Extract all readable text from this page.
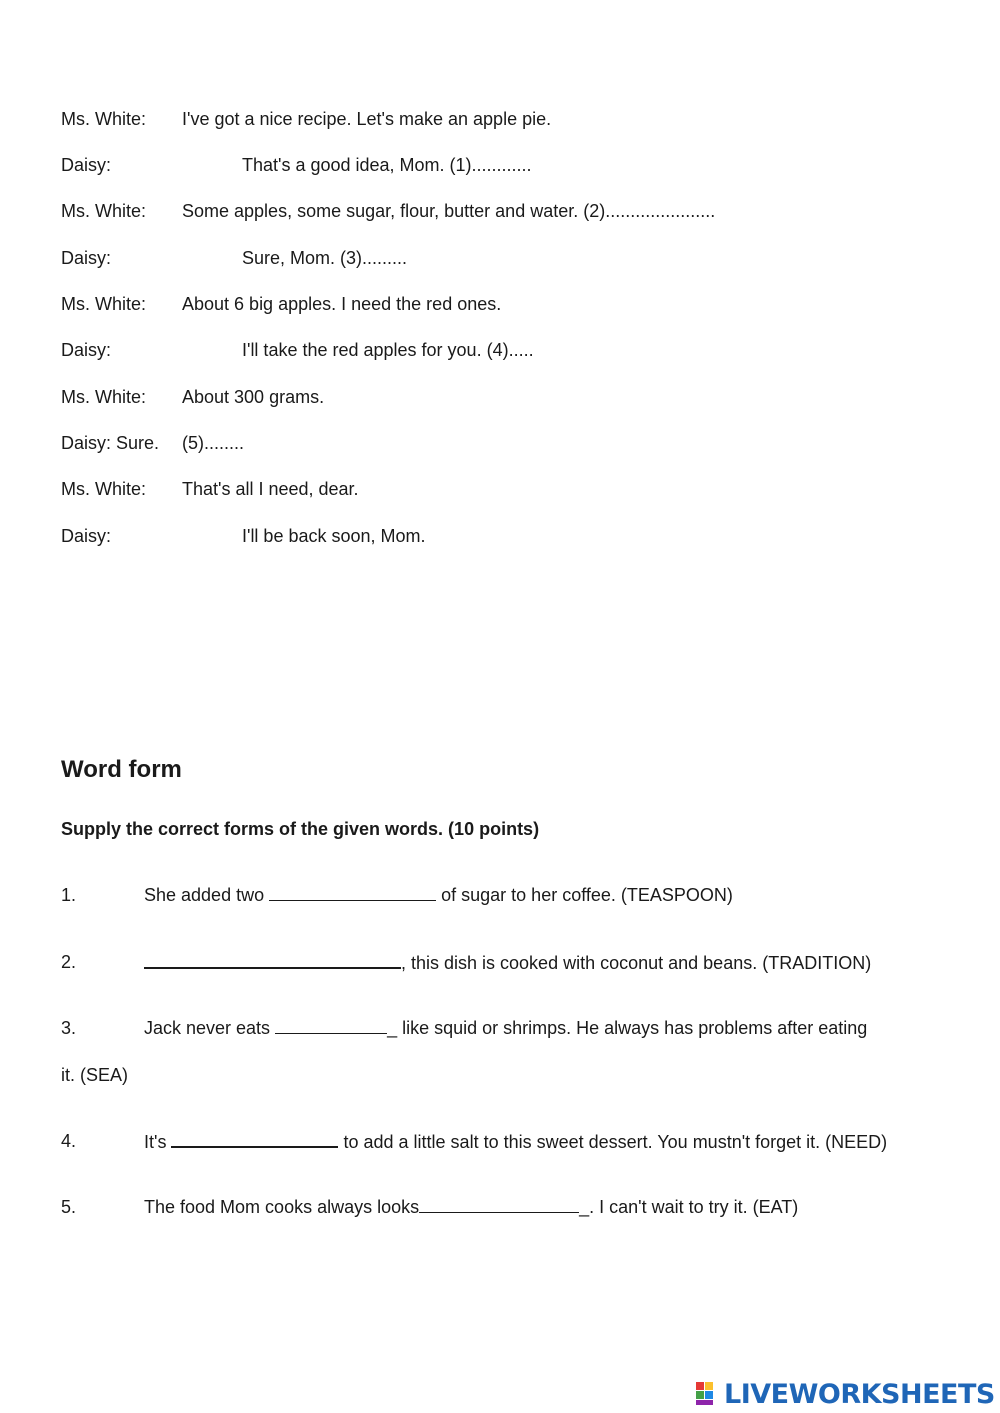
Ms. White: I've got a nice recipe. Let's make an apple pie.
Daisy:	That's a good idea, Mom. (1)............
Ms. White: Some apples, some sugar, flour, butter and water. (2)......................
Daisy:	Sure, Mom. (3).........
Ms. White: About 6 big apples. I need the red ones.
Daisy:	I'll take the red apples for you. (4).....
Ms. White: About 300 grams.
Daisy: Sure. (5)........
Ms. White: That's all I need, dear.
Daisy:	I'll be back soon, Mom.
Word form
Supply the correct forms of the given words. (10 points)
1.	She added two	of sugar to her coffee. (TEASPOON)
2.	, this dish is cooked with coconut and beans. (TRADITION)
3.	Jack never eats	_ like squid or shrimps. He always has problems after eating
it. (SEA)
4.	It's	to add a little salt to this sweet dessert. You mustn't forget it. (NEED)
5.	The food Mom cooks always looks	_. I can't wait to try it. (EAT)
LIVEWORKSHEETS
